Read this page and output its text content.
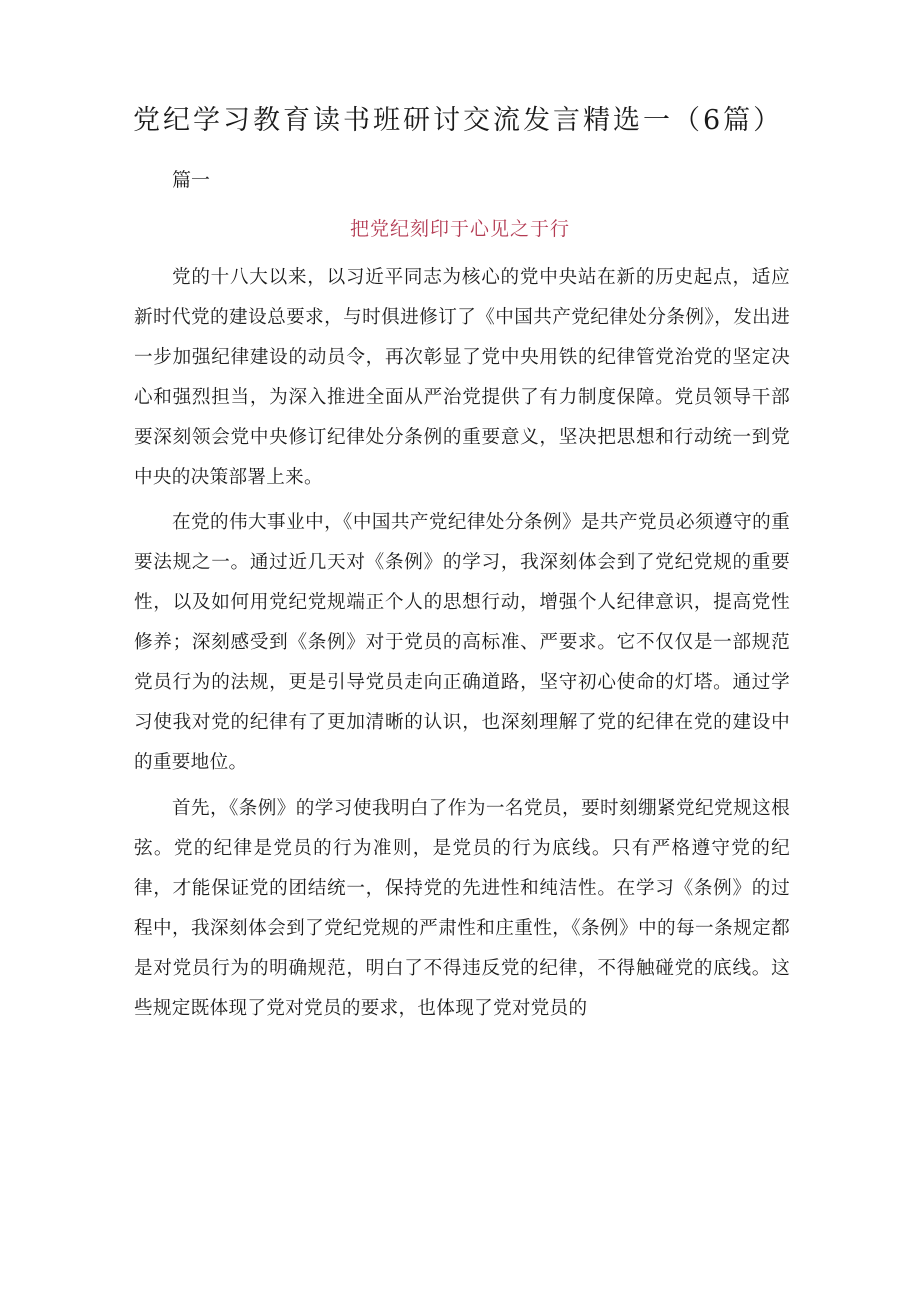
党纪学习教育读书班研讨交流发言精选一（6篇）

篇一

把党纪刻印于心见之于行

党的十八大以来，以习近平同志为核心的党中央站在新的历史起点，适应新时代党的建设总要求，与时俱进修订了《中国共产党纪律处分条例》，发出进一步加强纪律建设的动员令，再次彰显了党中央用铁的纪律管党治党的坚定决心和强烈担当，为深入推进全面从严治党提供了有力制度保障。党员领导干部要深刻领会党中央修订纪律处分条例的重要意义，坚决把思想和行动统一到党中央的决策部署上来。

在党的伟大事业中，《中国共产党纪律处分条例》是共产党员必须遵守的重要法规之一。通过近几天对《条例》的学习，我深刻体会到了党纪党规的重要性，以及如何用党纪党规端正个人的思想行动，增强个人纪律意识，提高党性修养；深刻感受到《条例》对于党员的高标准、严要求。它不仅仅是一部规范党员行为的法规，更是引导党员走向正确道路，坚守初心使命的灯塔。通过学习使我对党的纪律有了更加清晰的认识，也深刻理解了党的纪律在党的建设中的重要地位。

首先，《条例》的学习使我明白了作为一名党员，要时刻绷紧党纪党规这根弦。党的纪律是党员的行为准则，是党员的行为底线。只有严格遵守党的纪律，才能保证党的团结统一，保持党的先进性和纯洁性。在学习《条例》的过程中，我深刻体会到了党纪党规的严肃性和庄重性，《条例》中的每一条规定都是对党员行为的明确规范，明白了不得违反党的纪律，不得触碰党的底线。这些规定既体现了党对党员的要求，也体现了党对党员的
